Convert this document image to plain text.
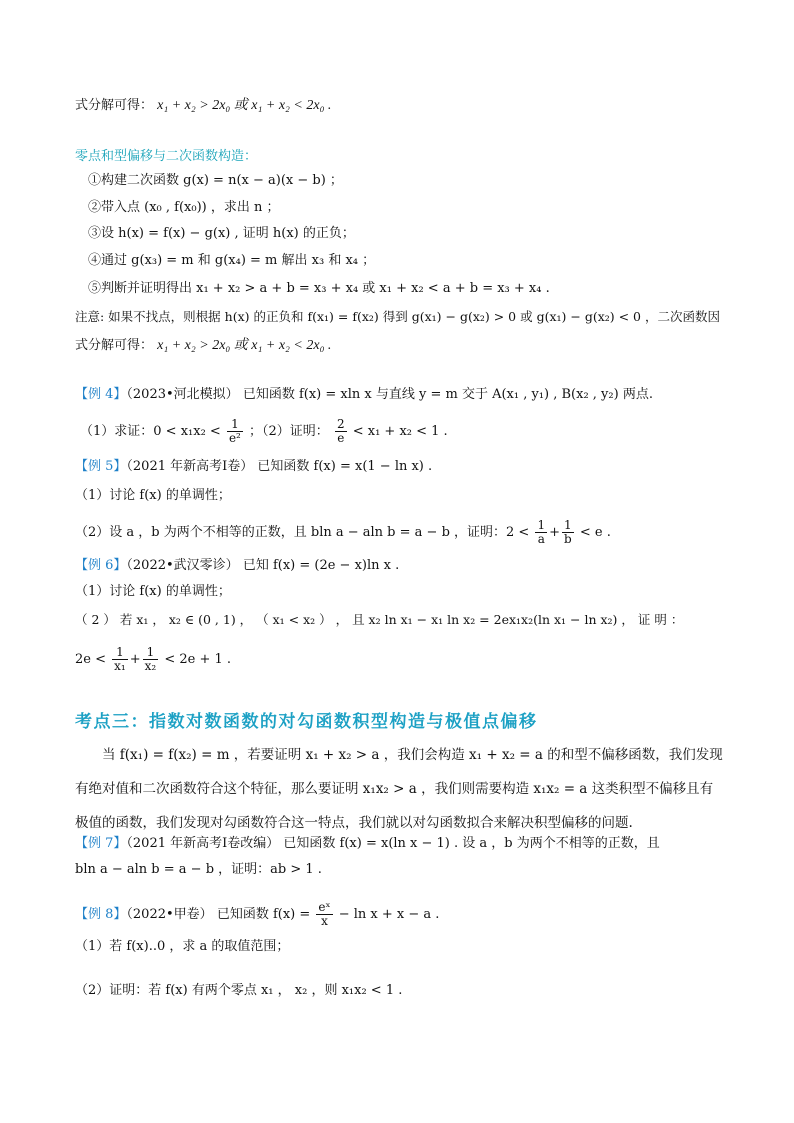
式分解可得： x₁ + x₂ > 2x₀ 或 x₁ + x₂ < 2x₀ .
零点和型偏移与二次函数构造：
①构建二次函数 g(x) = n(x − a)(x − b) ；
②带入点 (x₀ , f(x₀)) ，求出 n ；
③设 h(x) = f(x) − g(x) , 证明 h(x) 的正负；
④通过 g(x₃) = m 和 g(x₄) = m 解出 x₃ 和 x₄ ；
⑤判断并证明得出 x₁ + x₂ > a + b = x₃ + x₄ 或 x₁ + x₂ < a + b = x₃ + x₄ .
注意: 如果不找点，则根据 h(x) 的正负和 f(x₁) = f(x₂) 得到 g(x₁) − g(x₂) > 0 或 g(x₁) − g(x₂) < 0 ，二次函数因
式分解可得： x₁ + x₂ > 2x₀ 或 x₁ + x₂ < 2x₀ .
【例 4】（2023•河北模拟） 已知函数 f(x) = xln x 与直线 y = m 交于 A(x₁ , y₁) , B(x₂ , y₂) 两点.
（1）求证：$0 < x_1x_2 < \frac{1}{\text{e²}}$ ；（2）证明： $\frac{2}{e} < x_1 + x_2 < 1$ .
【例 5】（2021 年新高考Ⅰ卷） 已知函数 f(x) = x(1 − ln x) .
（1）讨论 f(x) 的单调性；
（2）设 a ，b 为两个不相等的正数，且 bln a − aln b = a − b ，证明：$2 < \frac{1}{a} + \frac{1}{b} < e$ .
【例 6】（2022•武汉零诊） 已知 f(x) = (2e − x)ln x .
（1）讨论 f(x) 的单调性；
（ 2 ） 若 x₁ ， x₂ ∈ (0 , 1) ， （ x₁ < x₂ ） ， 且 x₂ ln x₁ − x₁ ln x₂ = 2ex₁x₂(ln x₁ − ln x₂) ， 证 明 ：
$2e < \frac{1}{\text{x₁}} + \frac{1}{\text{x₂}} < 2e + 1$ .
考点三：指数对数函数的对勾函数积型构造与极值点偏移
当 f(x₁) = f(x₂) = m ，若要证明 x₁ + x₂ > a ，我们会构造 x₁ + x₂ = a 的和型不偏移函数，我们发现有绝对值和二次函数符合这个特征，那么要证明 x₁x₂ > a ，我们则需要构造 x₁x₂ = a 这类积型不偏移且有极值的函数，我们发现对勾函数符合这一特点，我们就以对勾函数拟合来解决积型偏移的问题.
【例 7】（2021 年新高考Ⅰ卷改编） 已知函数 f(x) = x(ln x − 1) . 设 a ，b 为两个不相等的正数，且
bln a − aln b = a − b ，证明：ab > 1 .
【例 8】（2022•甲卷） 已知函数 $f(x) = \frac{\text{eˣ}}{x} - \ln x + x - a$ .
（1）若 f(x)..0 ，求 a 的取值范围；
（2）证明：若 f(x) 有两个零点 x₁ ， x₂ ，则 x₁x₂ < 1 .
